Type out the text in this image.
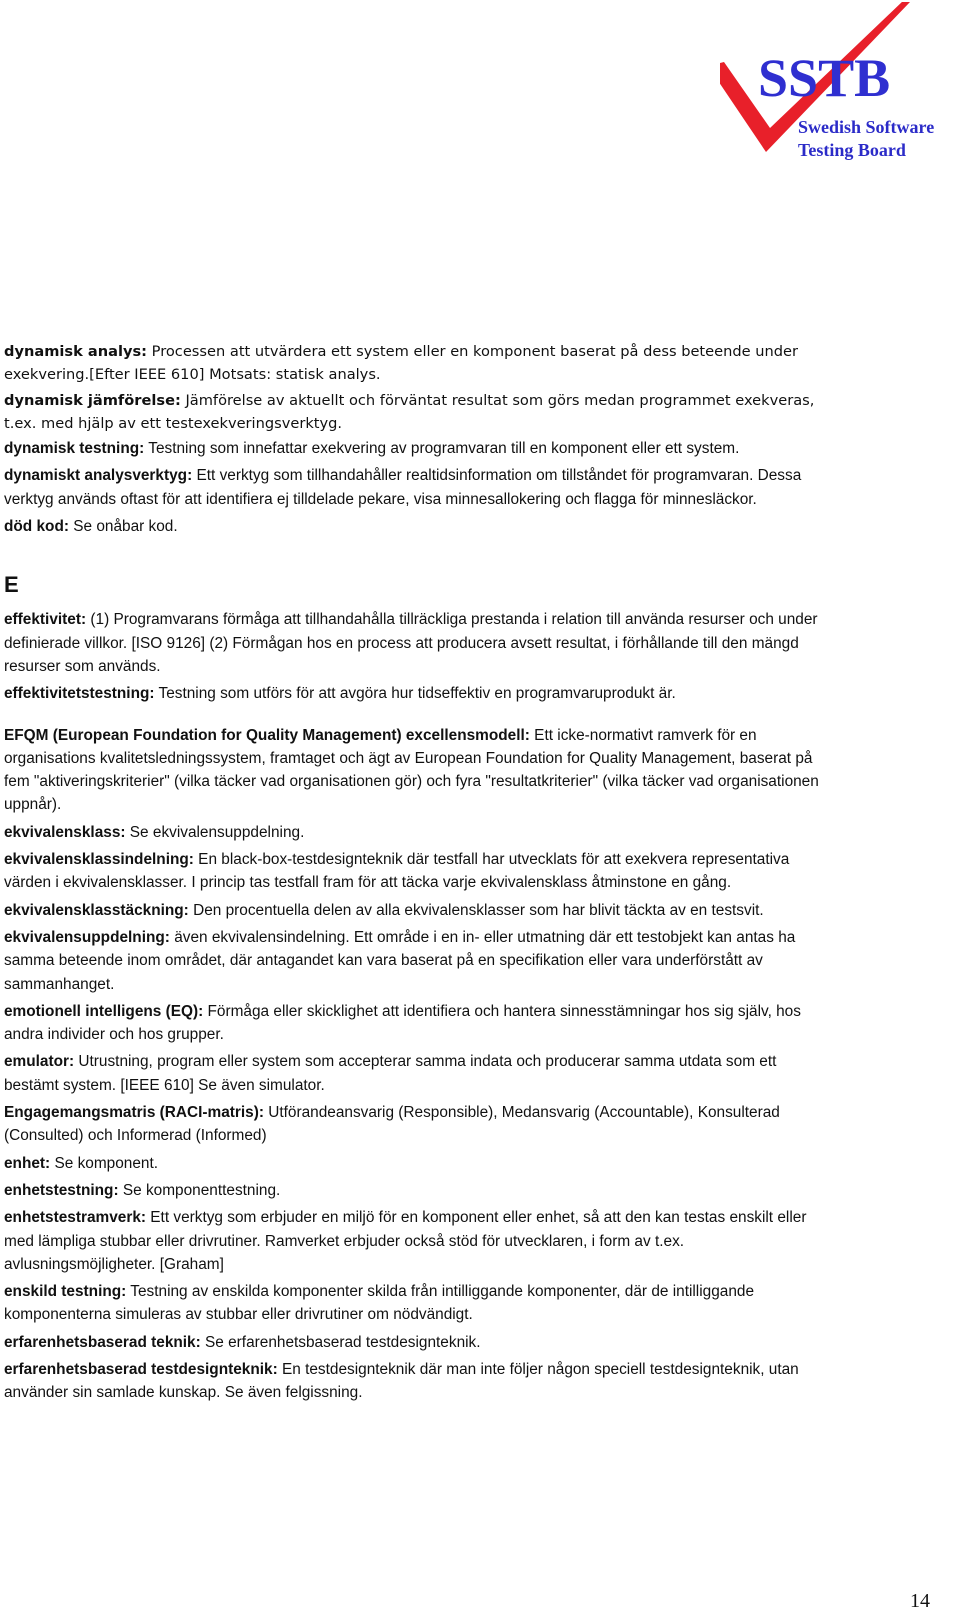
SSTB
Swedish Software
Testing Board

dynamisk analys: Processen att utvärdera ett system eller en komponent baserat på dess beteende under exekvering.[Efter IEEE 610] Motsats: statisk analys.

dynamisk jämförelse: Jämförelse av aktuellt och förväntat resultat som görs medan programmet exekveras, t.ex. med hjälp av ett testexekveringsverktyg.

dynamisk testning: Testning som innefattar exekvering av programvaran till en komponent eller ett system.

dynamiskt analysverktyg: Ett verktyg som tillhandahåller realtidsinformation om tillståndet för programvaran. Dessa verktyg används oftast för att identifiera ej tilldelade pekare, visa minnesallokering och flagga för minnesläckor.

död kod: Se onåbar kod.

E

effektivitet: (1) Programvarans förmåga att tillhandahålla tillräckliga prestanda i relation till använda resurser och under definierade villkor. [ISO 9126] (2) Förmågan hos en process att producera avsett resultat, i förhållande till den mängd resurser som används.

effektivitetstestning: Testning som utförs för att avgöra hur tidseffektiv en programvaruprodukt är.

EFQM (European Foundation for Quality Management) excellensmodell: Ett icke-normativt ramverk för en organisations kvalitetsledningssystem, framtaget och ägt av European Foundation for Quality Management, baserat på fem "aktiveringskriterier" (vilka täcker vad organisationen gör) och fyra "resultatkriterier" (vilka täcker vad organisationen uppnår).

ekvivalensklass: Se ekvivalensuppdelning.

ekvivalensklassindelning: En black-box-testdesignteknik där testfall har utvecklats för att exekvera representativa värden i ekvivalensklasser. I princip tas testfall fram för att täcka varje ekvivalensklass åtminstone en gång.

ekvivalensklasstäckning: Den procentuella delen av alla ekvivalensklasser som har blivit täckta av en testsvit.

ekvivalensuppdelning: även ekvivalensindelning. Ett område i en in- eller utmatning där ett testobjekt kan antas ha samma beteende inom området, där antagandet kan vara baserat på en specifikation eller vara underförstått av sammanhanget.

emotionell intelligens (EQ): Förmåga eller skicklighet att identifiera och hantera sinnesstämningar hos sig själv, hos andra individer och hos grupper.

emulator: Utrustning, program eller system som accepterar samma indata och producerar samma utdata som ett bestämt system. [IEEE 610] Se även simulator.

Engagemangsmatris (RACI-matris): Utförandeansvarig (Responsible), Medansvarig (Accountable), Konsulterad (Consulted) och Informerad (Informed)

enhet: Se komponent.

enhetstestning: Se komponenttestning.

enhetstestramverk: Ett verktyg som erbjuder en miljö för en komponent eller enhet, så att den kan testas enskilt eller med lämpliga stubbar eller drivrutiner. Ramverket erbjuder också stöd för utvecklaren, i form av t.ex. avlusningsmöjligheter. [Graham]

enskild testning: Testning av enskilda komponenter skilda från intilliggande komponenter, där de intilliggande komponenterna simuleras av stubbar eller drivrutiner om nödvändigt.

erfarenhetsbaserad teknik: Se erfarenhetsbaserad testdesignteknik.

erfarenhetsbaserad testdesignteknik: En testdesignteknik där man inte följer någon speciell testdesignteknik, utan använder sin samlade kunskap. Se även felgissning.

14
